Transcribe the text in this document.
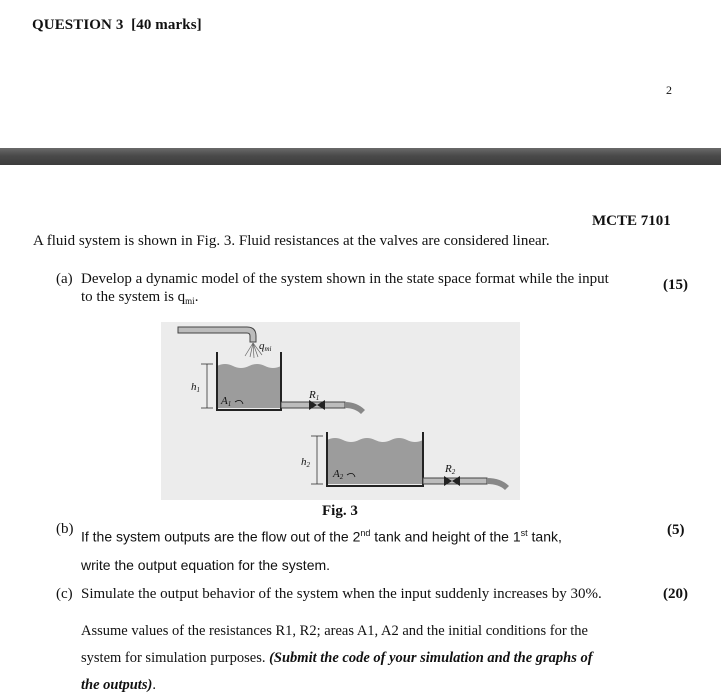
QUESTION 3 [40 marks]
2
MCTE 7101
A fluid system is shown in Fig. 3. Fluid resistances at the valves are considered linear.
(a) Develop a dynamic model of the system shown in the state space format while the input
to the system is $q_{mi}$.
(15)
qmi
h1
A1
R1
h2
A2
R2
Fig. 3
(b) If the system outputs are the flow out of the 2nd tank and height of the 1st tank,
write the output equation for the system.
(5)
(c) Simulate the output behavior of the system when the input suddenly increases by 30%.	(20)
Assume values of the resistances R1, R2; areas A1, A2 and the initial conditions for the
system for simulation purposes. (Submit the code of your simulation and the graphs of
the outputs).
